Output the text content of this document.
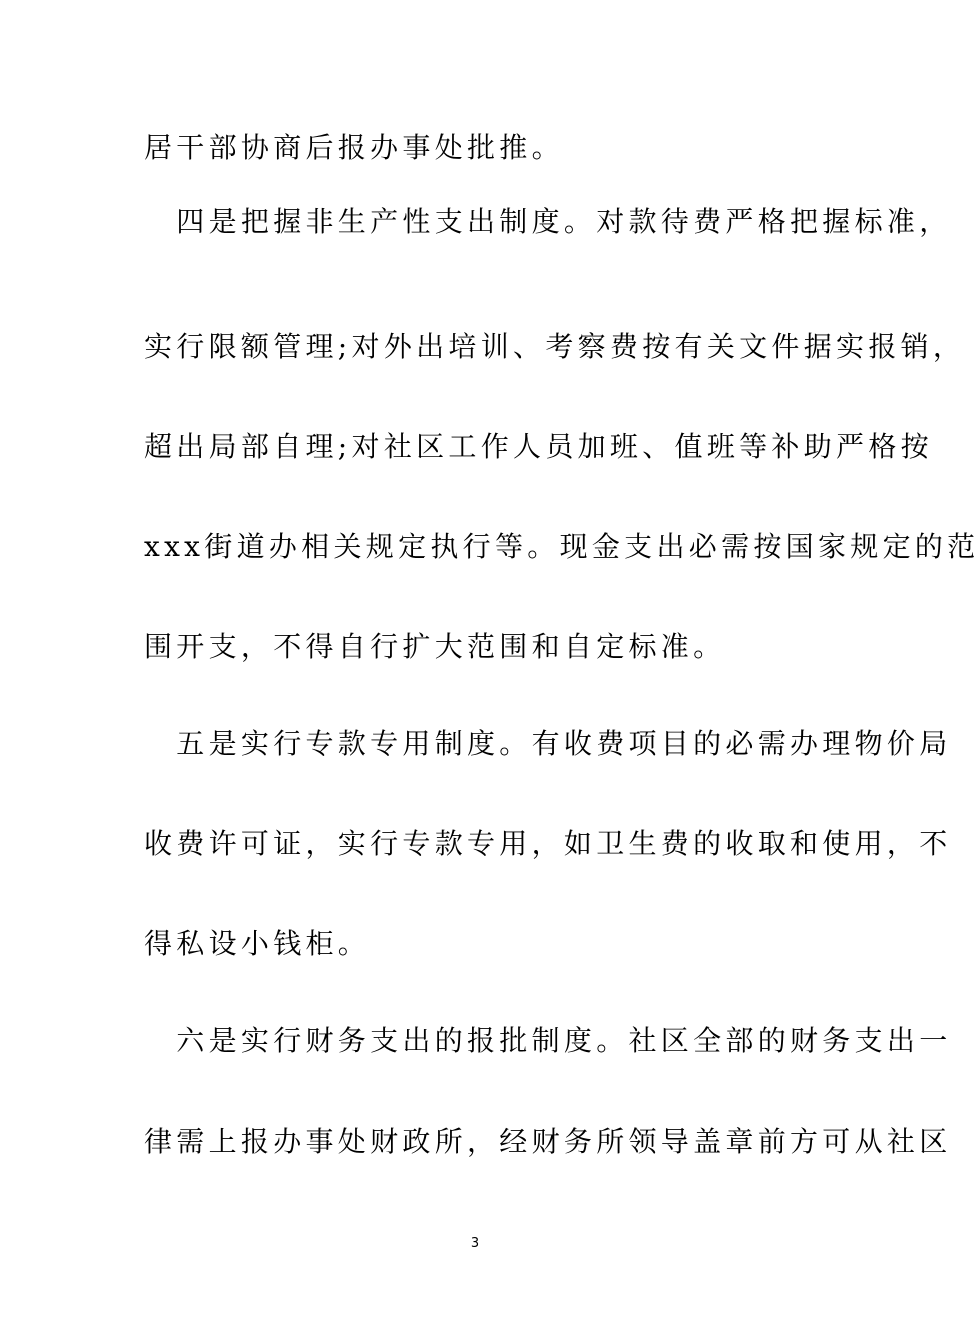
居干部协商后报办事处批推。
　四是把握非生产性支出制度。对款待费严格把握标准，
实行限额管理;对外出培训、考察费按有关文件据实报销，
超出局部自理;对社区工作人员加班、值班等补助严格按
xxx街道办相关规定执行等。现金支出必需按国家规定的范
围开支，不得自行扩大范围和自定标准。
　五是实行专款专用制度。有收费项目的必需办理物价局
收费许可证，实行专款专用，如卫生费的收取和使用，不
得私设小钱柜。
　六是实行财务支出的报批制度。社区全部的财务支出一
律需上报办事处财政所，经财务所领导盖章前方可从社区
3
